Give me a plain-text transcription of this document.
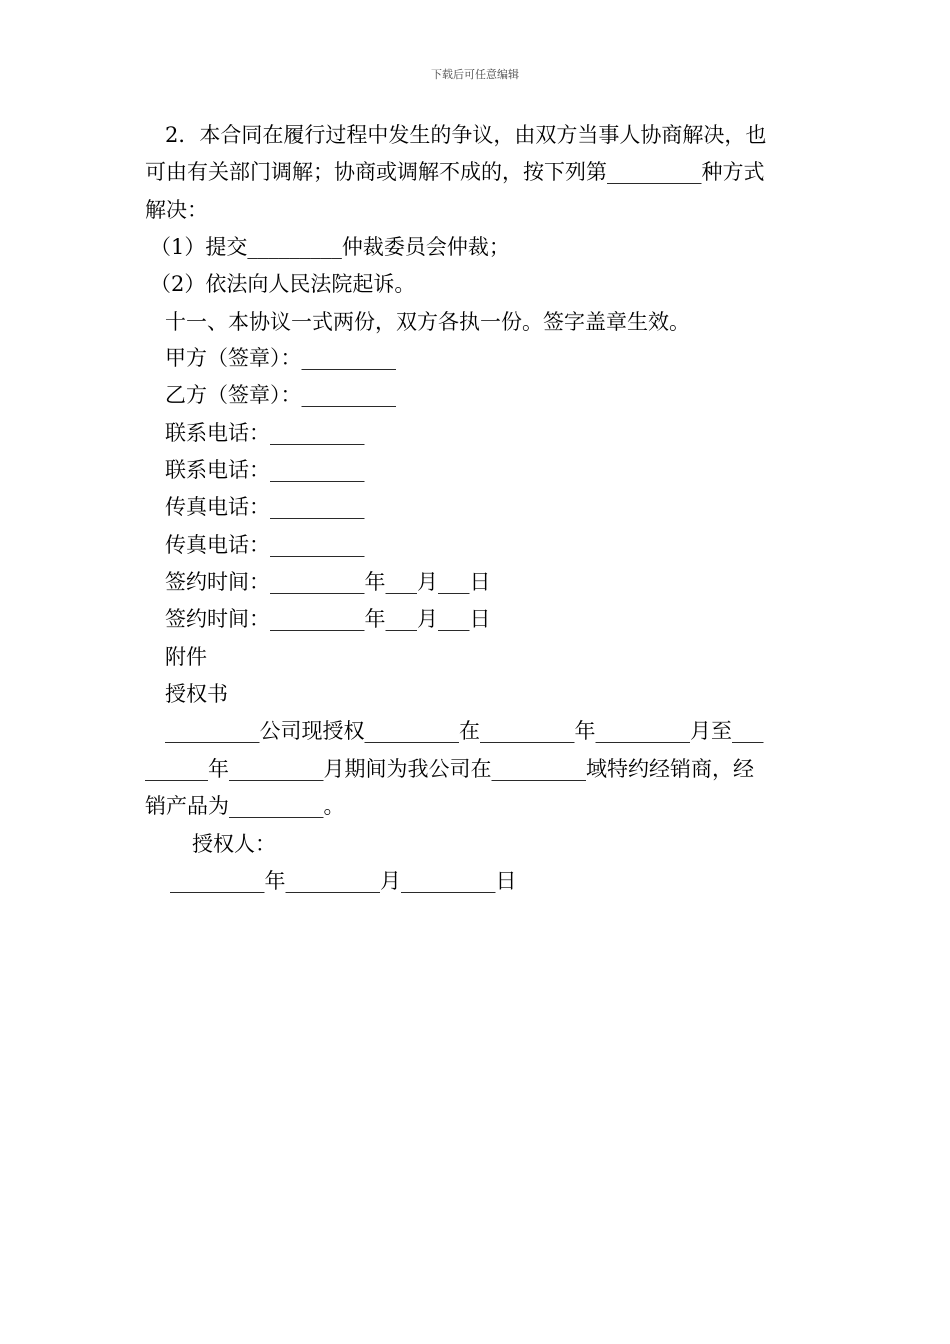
下载后可任意编辑
2．本合同在履行过程中发生的争议，由双方当事人协商解决，也
可由有关部门调解；协商或调解不成的，按下列第_________种方式
解决：
（1）提交_________仲裁委员会仲裁；
（2）依法向人民法院起诉。
十一、本协议一式两份，双方各执一份。签字盖章生效。
甲方（签章）：_________
乙方（签章）：_________
联系电话：_________
联系电话：_________
传真电话：_________
传真电话：_________
签约时间：_________年___月___日
签约时间：_________年___月___日
附件
授权书
_________公司现授权_________在_________年_________月至___
______年_________月期间为我公司在_________域特约经销商，经
销产品为_________。
授权人：
_________年_________月_________日
